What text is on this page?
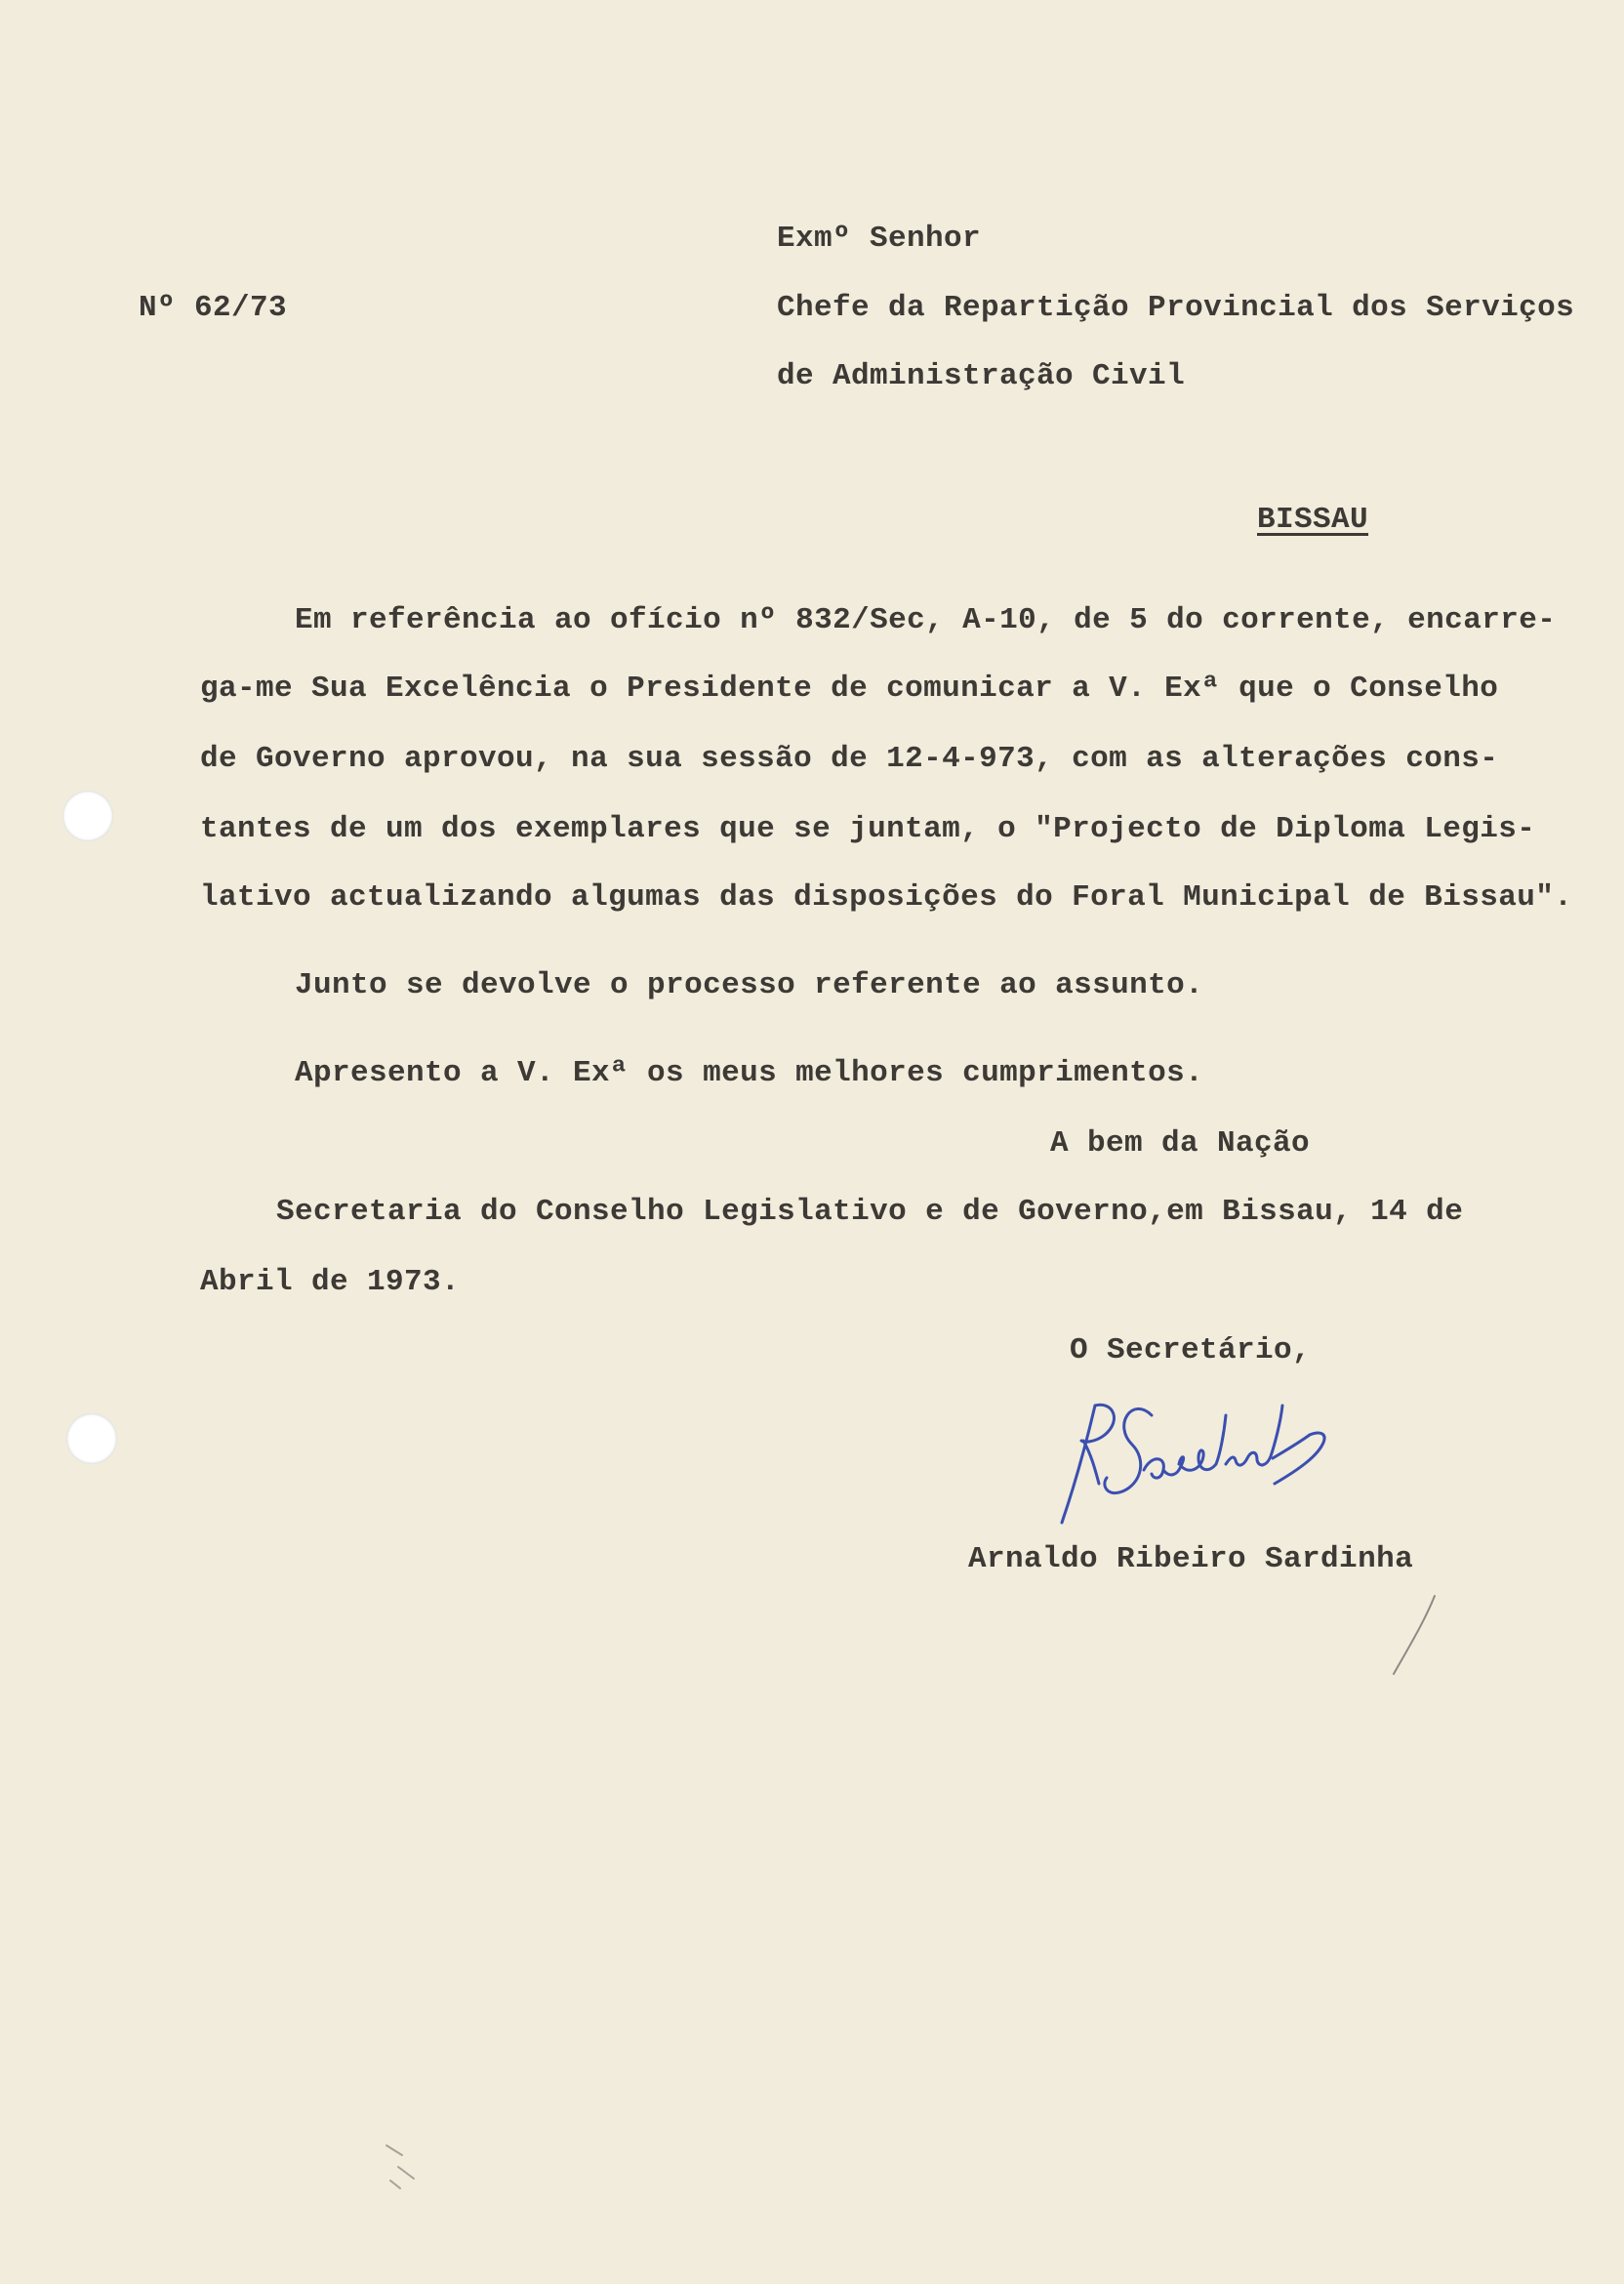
Exmº Senhor
Nº 62/73	Chefe da Repartição Provincial dos Serviços
de Administração Civil
BISSAU
Em referência ao ofício nº 832/Sec, A-10, de 5 do corrente, encarre-
ga-me Sua Excelência o Presidente de comunicar a V. Exª que o Conselho
de Governo aprovou, na sua sessão de 12-4-973, com as alterações cons-
tantes de um dos exemplares que se juntam, o "Projecto de Diploma Legis-
lativo actualizando algumas das disposições do Foral Municipal de Bissau".
Junto se devolve o processo referente ao assunto.
Apresento a V. Exª os meus melhores cumprimentos.
A bem da Nação
Secretaria do Conselho Legislativo e de Governo,em Bissau, 14 de
Abril de 1973.
O Secretário,
Arnaldo Ribeiro Sardinha
